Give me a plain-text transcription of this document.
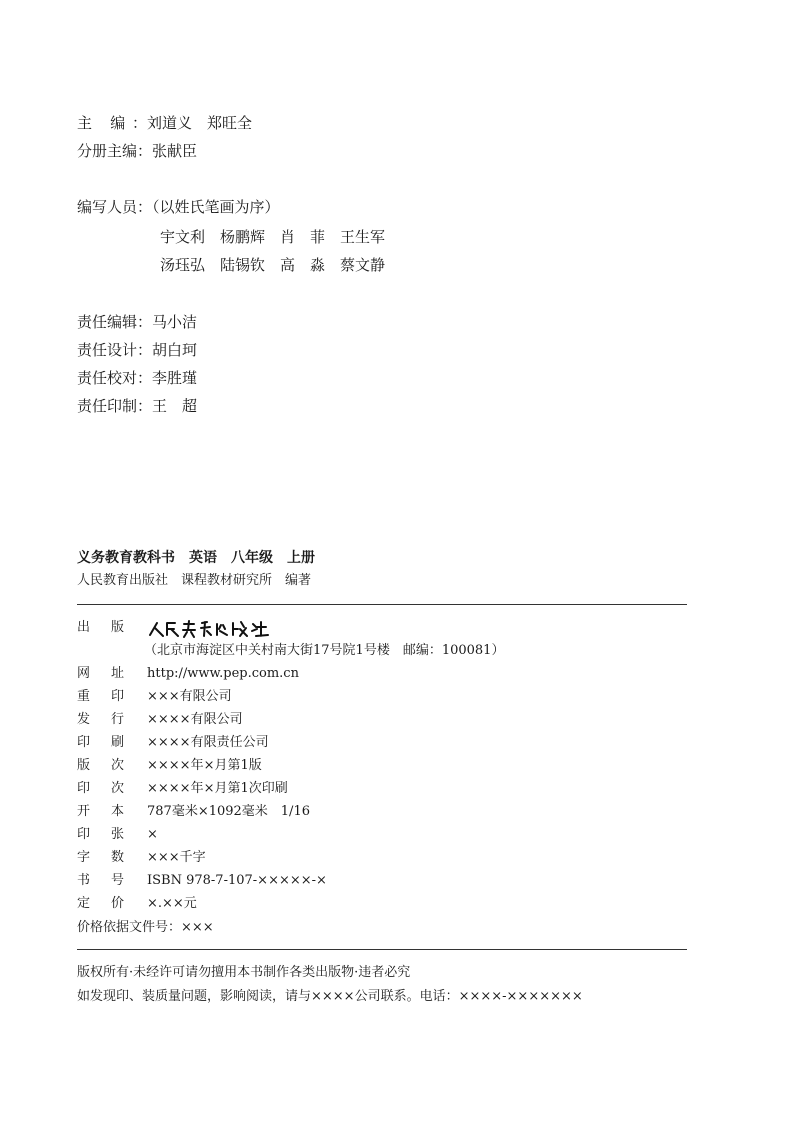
主 编：刘道义　郑旺全
分册主编：张献臣
编写人员：（以姓氏笔画为序）
宇文利　杨鹏辉　肖　菲　王生军
汤珏弘　陆锡钦　高　淼　蔡文静
责任编辑：马小洁
责任设计：胡白珂
责任校对：李胜瑾
责任印制：王　超
义务教育教科书　英语　八年级　上册
人民教育出版社　课程教材研究所　编著
出版
（北京市海淀区中关村南大街17号院1号楼　邮编：100081）
网址 http://www.pep.com.cn
重印 ×××有限公司
发行 ××××有限公司
印刷 ××××有限责任公司
版次 ××××年×月第1版
印次 ××××年×月第1次印刷
开本 787毫米×1092毫米　1/16
印张 ×
字数 ×××千字
书号 ISBN 978-7-107-×××××-×
定价 ×.××元
价格依据文件号：×××
版权所有·未经许可请勿擅用本书制作各类出版物·违者必究
如发现印、装质量问题，影响阅读，请与××××公司联系。电话：××××-×××××××
